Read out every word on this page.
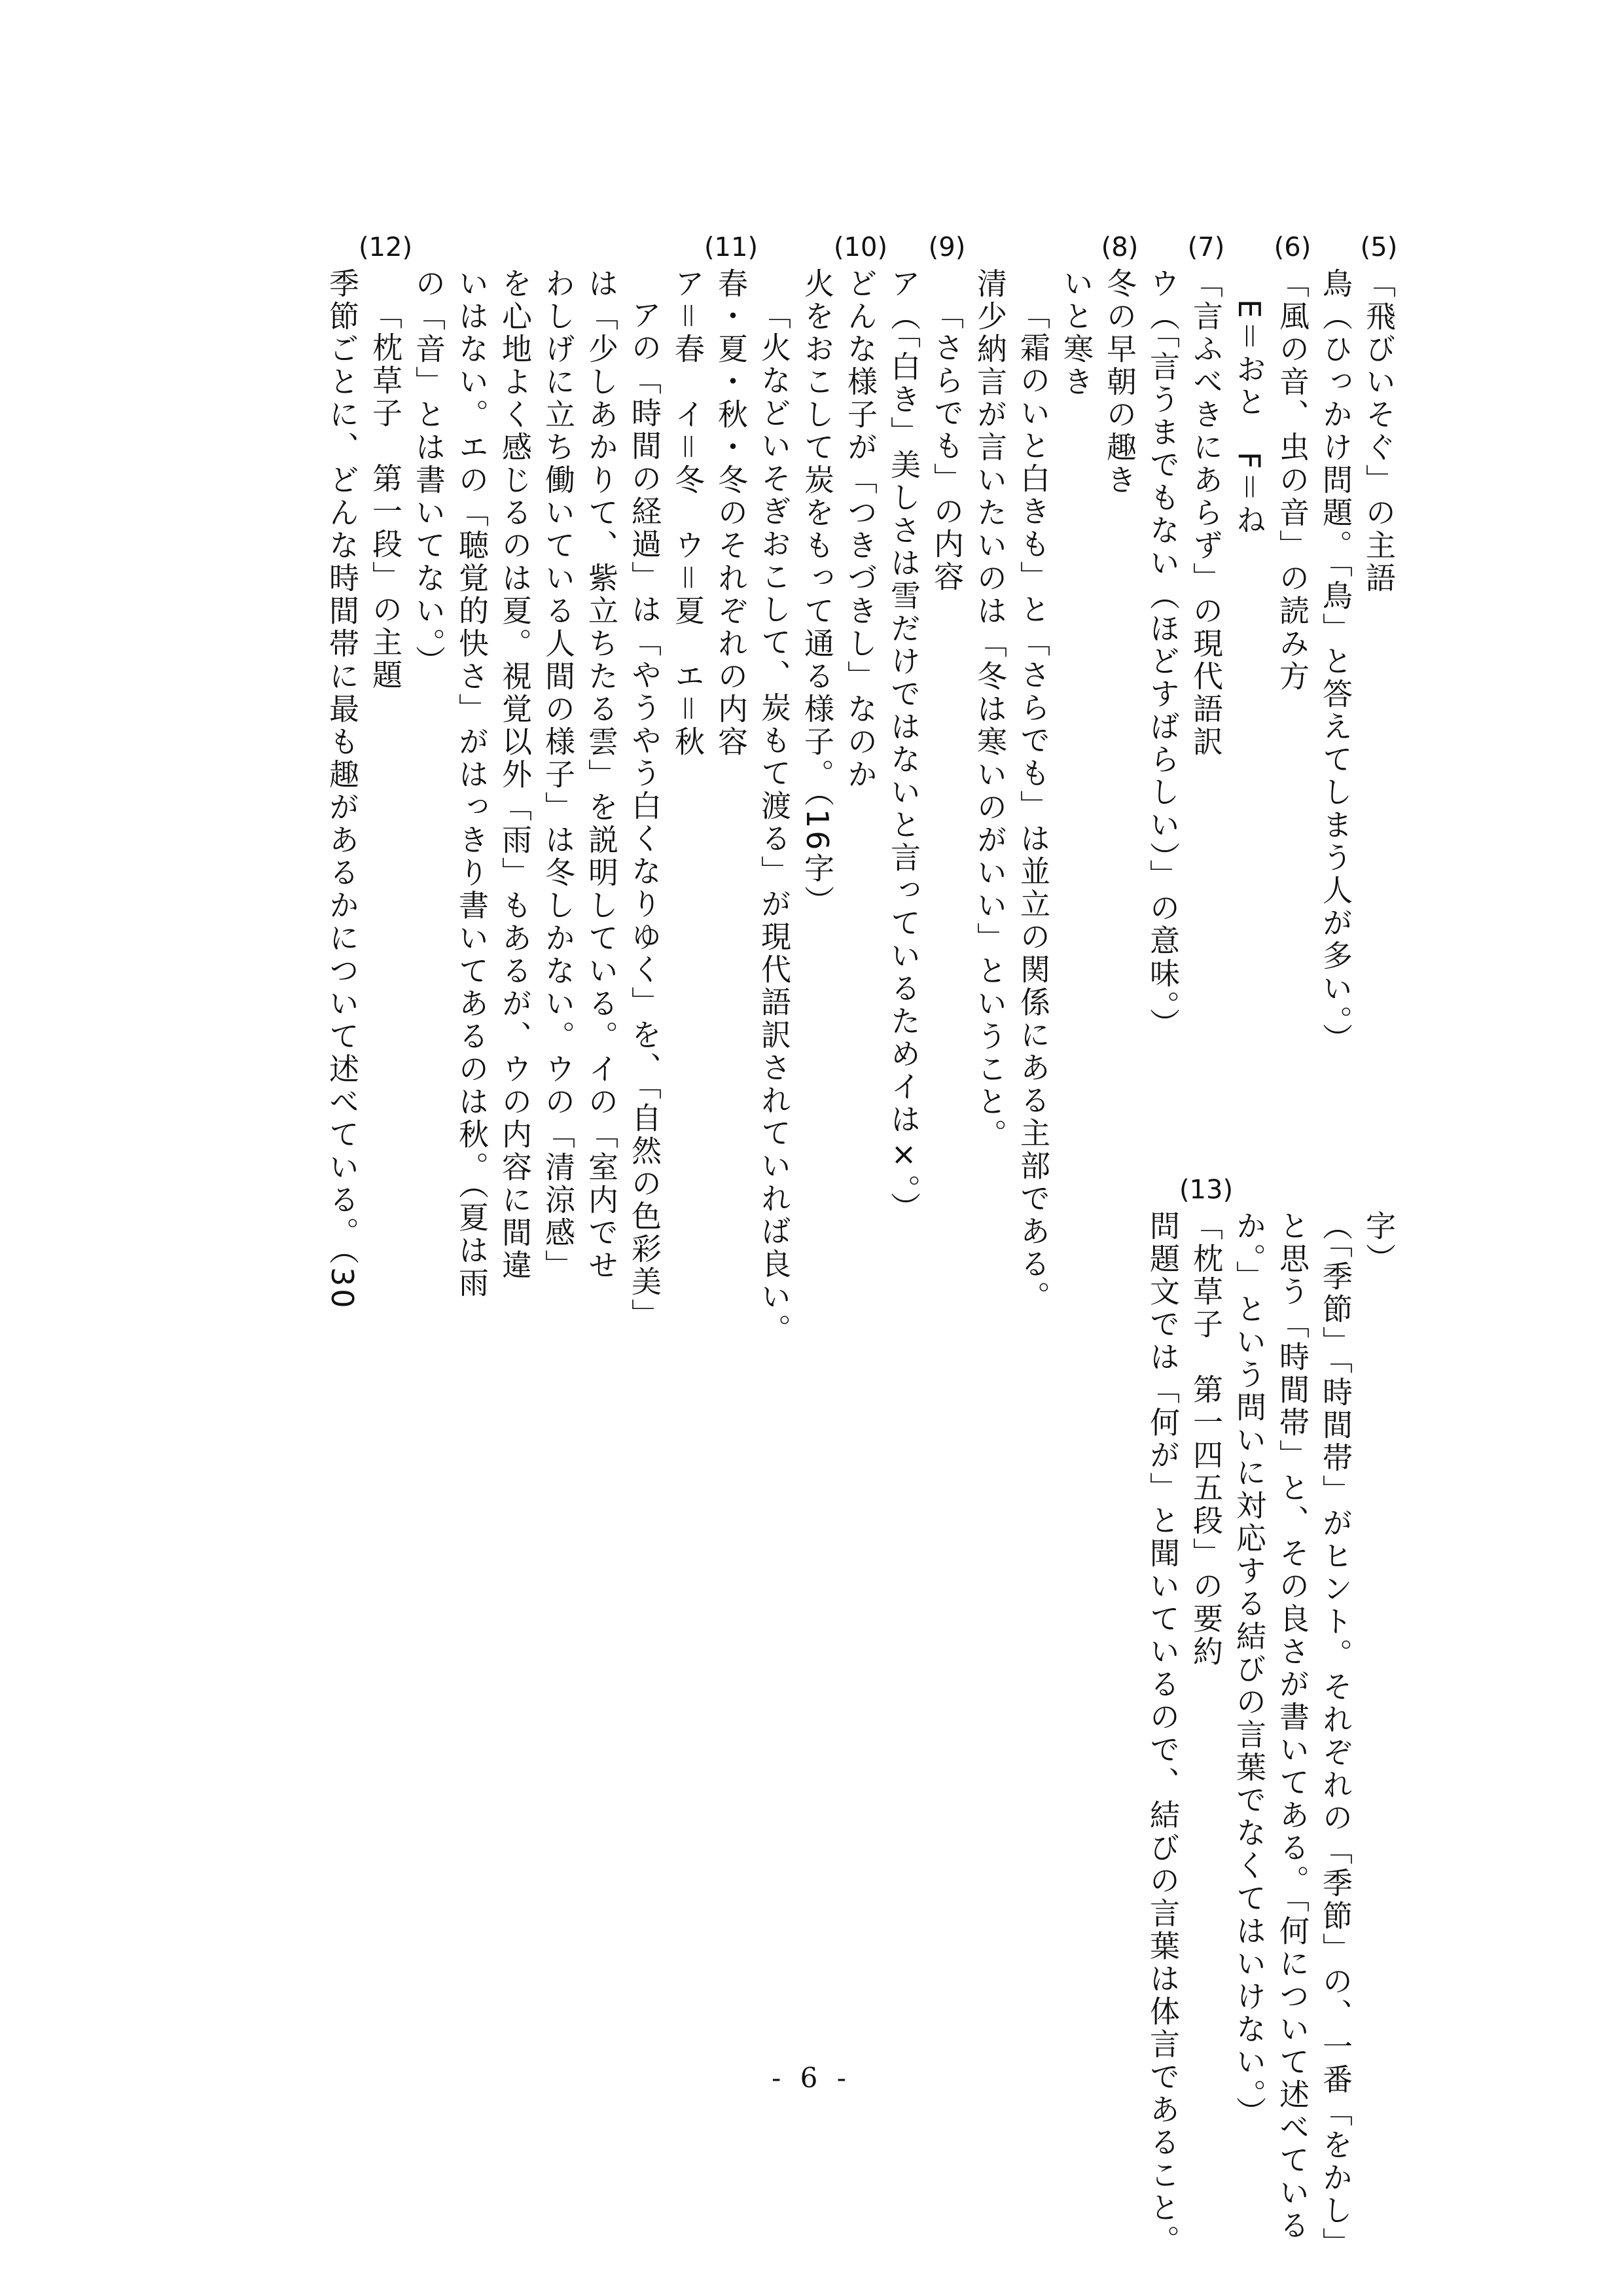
(5)
「飛びいそぐ」の主語
鳥（ひっかけ問題。「鳥」と答えてしまう人が多い。）
(6)
「風の音、虫の音」の読み方
E＝おと　F＝ね
(7)
「言ふべきにあらず」の現代語訳
ウ（「言うまでもない（ほどすばらしい）」の意味。）
(8)
冬の早朝の趣き
いと寒き
「霜のいと白きも」と「さらでも」は並立の関係にある主部である。
清少納言が言いたいのは「冬は寒いのがいい」ということ。
(9)
「さらでも」の内容
ア（「白き」美しさは雪だけではないと言っているためイは×。）
(10)
どんな様子が「つきづきし」なのか
火をおこして炭をもって通る様子。（16字）
「火などいそぎおこして、炭もて渡る」が現代語訳されていれば良い。
(11)
春・夏・秋・冬のそれぞれの内容
ア＝春　イ＝冬　ウ＝夏　エ＝秋
アの「時間の経過」は「やうやう白くなりゆく」を、「自然の色彩美」
は「少しあかりて、紫立ちたる雲」を説明している。イの「室内でせ
わしげに立ち働いている人間の様子」は冬しかない。ウの「清涼感」
を心地よく感じるのは夏。視覚以外「雨」もあるが、ウの内容に間違
いはない。エの「聴覚的快さ」がはっきり書いてあるのは秋。（夏は雨
の「音」とは書いてない。）
(12)
「枕草子　第一段」の主題
季節ごとに、どんな時間帯に最も趣があるかについて述べている。（30	字）
（「季節」「時間帯」がヒント。それぞれの「季節」の、一番「をかし」
と思う「時間帯」と、その良さが書いてある。「何について述べている
か。」という問いに対応する結びの言葉でなくてはいけない。）
(13)
「枕草子　第一四五段」の要約
問題文では「何が」と聞いているので、結びの言葉は体言であること。
- 6 -
